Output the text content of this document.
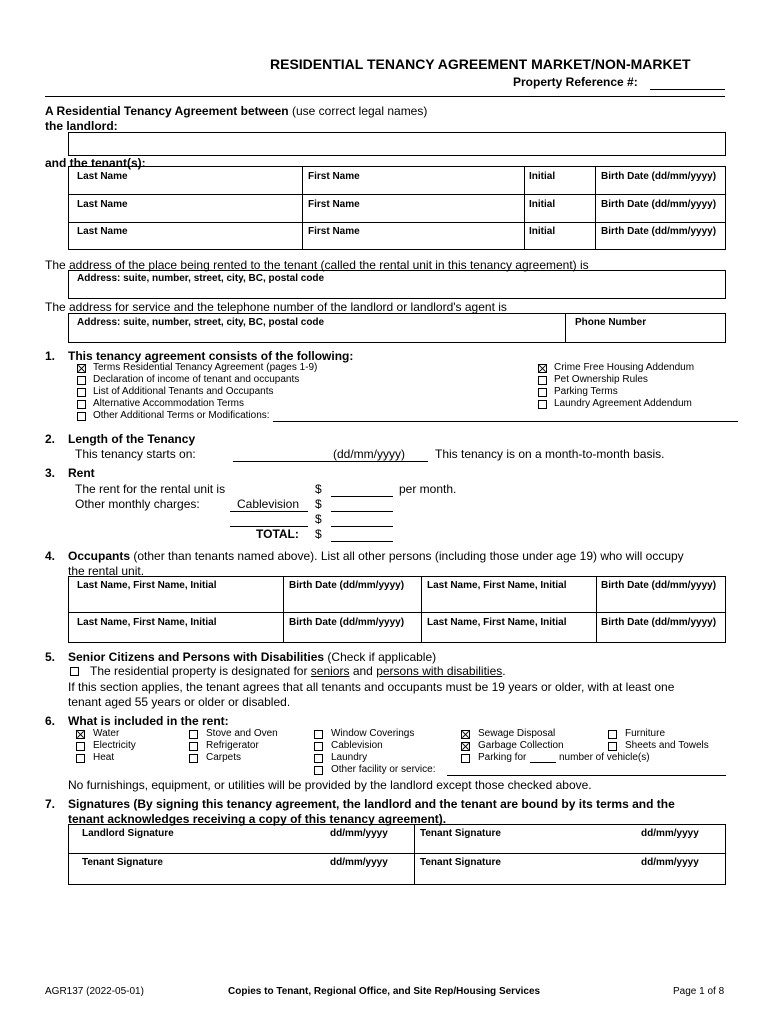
RESIDENTIAL TENANCY AGREEMENT MARKET/NON-MARKET
Property Reference #:
A Residential Tenancy Agreement between (use correct legal names)
the landlord:
and the tenant(s):
Last Name	First Name	Initial	Birth Date (dd/mm/yyyy)
Last Name	First Name	Initial	Birth Date (dd/mm/yyyy)
Last Name	First Name	Initial	Birth Date (dd/mm/yyyy)
The address of the place being rented to the tenant (called the rental unit in this tenancy agreement) is
Address: suite, number, street, city, BC, postal code
The address for service and the telephone number of the landlord or landlord's agent is
Address: suite, number, street, city, BC, postal code	Phone Number
1. This tenancy agreement consists of the following:
Terms Residential Tenancy Agreement (pages 1-9)
Declaration of income of tenant and occupants
List of Additional Tenants and Occupants
Alternative Accommodation Terms
Other Additional Terms or Modifications:
Crime Free Housing Addendum
Pet Ownership Rules
Parking Terms
Laundry Agreement Addendum
2. Length of the Tenancy
This tenancy starts on:	(dd/mm/yyyy)	This tenancy is on a month-to-month basis.
3. Rent
The rent for the rental unit is	$	per month.
Other monthly charges:	Cablevision $
$
TOTAL: $
4. Occupants (other than tenants named above). List all other persons (including those under age 19) who will occupy
the rental unit.
Last Name, First Name, Initial	Birth Date (dd/mm/yyyy) Last Name, First Name, Initial	Birth Date (dd/mm/yyyy)
Last Name, First Name, Initial	Birth Date (dd/mm/yyyy) Last Name, First Name, Initial	Birth Date (dd/mm/yyyy)
5. Senior Citizens and Persons with Disabilities (Check if applicable)
The residential property is designated for seniors and persons with disabilities.
If this section applies, the tenant agrees that all tenants and occupants must be 19 years or older, with at least one
tenant aged 55 years or older or disabled.
6. What is included in the rent:
Water
Electricity
Heat
Stove and Oven
Refrigerator
Carpets
Window Coverings
Cablevision
Laundry
Other facility or service:
Sewage Disposal
Garbage Collection
Parking for	number of vehicle(s)
Furniture
Sheets and Towels
No furnishings, equipment, or utilities will be provided by the landlord except those checked above.
7. Signatures (By signing this tenancy agreement, the landlord and the tenant are bound by its terms and the
tenant acknowledges receiving a copy of this tenancy agreement).
Landlord Signature	dd/mm/yyyy	Tenant Signature	dd/mm/yyyy
Tenant Signature	dd/mm/yyyy	Tenant Signature	dd/mm/yyyy
AGR137 (2022-05-01)	Copies to Tenant, Regional Office, and Site Rep/Housing Services	Page 1 of 8
